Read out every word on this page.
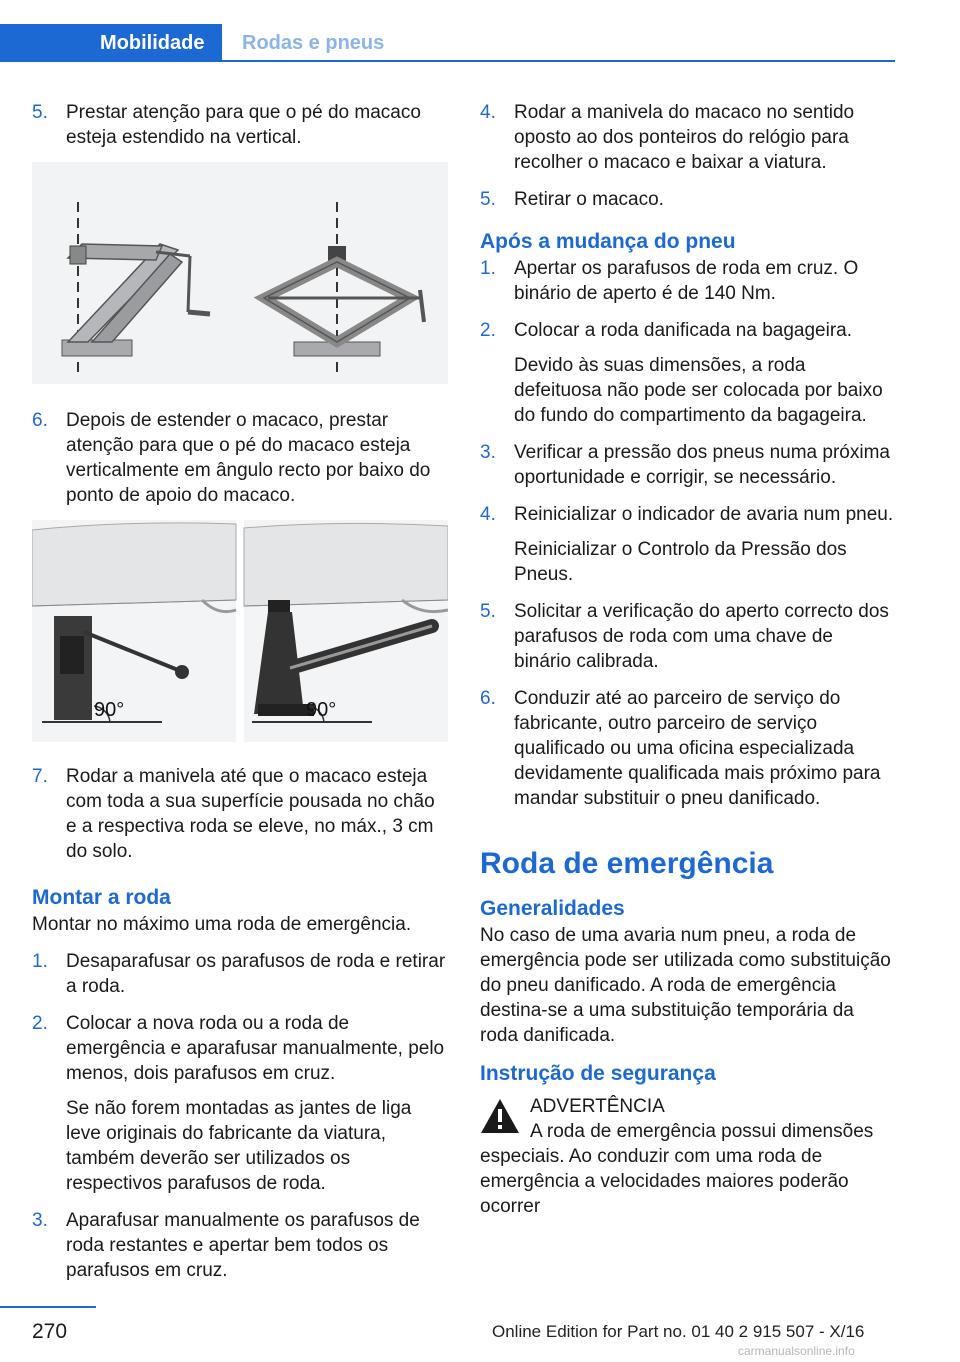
Mobilidade	Rodas e pneus
5. Prestar atenção para que o pé do macaco esteja estendido na vertical.
6. Depois de estender o macaco, prestar atenção para que o pé do macaco esteja verticalmente em ângulo recto por baixo do ponto de apoio do macaco.
90°	90°
7. Rodar a manivela até que o macaco esteja com toda a sua superfície pousada no chão e a respectiva roda se eleve, no máx., 3 cm do solo.
Montar a roda
Montar no máximo uma roda de emergência.
1. Desaparafusar os parafusos de roda e retirar a roda.
2. Colocar a nova roda ou a roda de emergência e aparafusar manualmente, pelo menos, dois parafusos em cruz.
Se não forem montadas as jantes de liga leve originais do fabricante da viatura, também deverão ser utilizados os respectivos parafusos de roda.
3. Aparafusar manualmente os parafusos de roda restantes e apertar bem todos os parafusos em cruz.
4. Rodar a manivela do macaco no sentido oposto ao dos ponteiros do relógio para recolher o macaco e baixar a viatura.
5. Retirar o macaco.
Após a mudança do pneu
1. Apertar os parafusos de roda em cruz. O binário de aperto é de 140 Nm.
2. Colocar a roda danificada na bagageira.
Devido às suas dimensões, a roda defeituosa não pode ser colocada por baixo do fundo do compartimento da bagageira.
3. Verificar a pressão dos pneus numa próxima oportunidade e corrigir, se necessário.
4. Reinicializar o indicador de avaria num pneu.
Reinicializar o Controlo da Pressão dos Pneus.
5. Solicitar a verificação do aperto correcto dos parafusos de roda com uma chave de binário calibrada.
6. Conduzir até ao parceiro de serviço do fabricante, outro parceiro de serviço qualificado ou uma oficina especializada devidamente qualificada mais próximo para mandar substituir o pneu danificado.
Roda de emergência
Generalidades
No caso de uma avaria num pneu, a roda de emergência pode ser utilizada como substituição do pneu danificado. A roda de emergência destina-se a uma substituição temporária da roda danificada.
Instrução de segurança
ADVERTÊNCIA
A roda de emergência possui dimensões especiais. Ao conduzir com uma roda de emergência a velocidades maiores poderão ocorrer
270	Online Edition for Part no. 01 40 2 915 507 - X/16
carmanualsonline.info
